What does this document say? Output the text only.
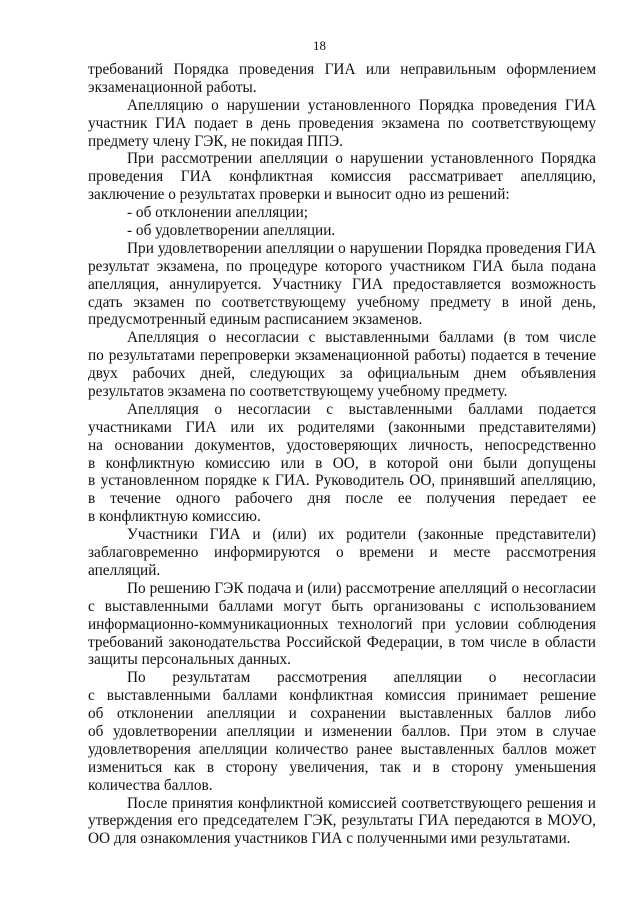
18
требований Порядка проведения ГИА или неправильным оформлением
экзаменационной работы.
Апелляцию о нарушении установленного Порядка проведения ГИА
участник ГИА подает в день проведения экзамена по соответствующему
предмету члену ГЭК, не покидая ППЭ.
При рассмотрении апелляции о нарушении установленного Порядка
проведения ГИА конфликтная комиссия рассматривает апелляцию,
заключение о результатах проверки и выносит одно из решений:
- об отклонении апелляции;
- об удовлетворении апелляции.
При удовлетворении апелляции о нарушении Порядка проведения ГИА
результат экзамена, по процедуре которого участником ГИА была подана
апелляция, аннулируется. Участнику ГИА предоставляется возможность
сдать экзамен по соответствующему учебному предмету в иной день,
предусмотренный единым расписанием экзаменов.
Апелляция о несогласии с выставленными баллами (в том числе
по результатами перепроверки экзаменационной работы) подается в течение
двух рабочих дней, следующих за официальным днем объявления
результатов экзамена по соответствующему учебному предмету.
Апелляция о несогласии с выставленными баллами подается
участниками ГИА или их родителями (законными представителями)
на основании документов, удостоверяющих личность, непосредственно
в конфликтную комиссию или в ОО, в которой они были допущены
в установленном порядке к ГИА. Руководитель ОО, принявший апелляцию,
в течение одного рабочего дня после ее получения передает ее
в конфликтную комиссию.
Участники ГИА и (или) их родители (законные представители)
заблаговременно информируются о времени и месте рассмотрения
апелляций.
По решению ГЭК подача и (или) рассмотрение апелляций о несогласии
с выставленными баллами могут быть организованы с использованием
информационно-коммуникационных технологий при условии соблюдения
требований законодательства Российской Федерации, в том числе в области
защиты персональных данных.
По результатам рассмотрения апелляции о несогласии
с выставленными баллами конфликтная комиссия принимает решение
об отклонении апелляции и сохранении выставленных баллов либо
об удовлетворении апелляции и изменении баллов. При этом в случае
удовлетворения апелляции количество ранее выставленных баллов может
измениться как в сторону увеличения, так и в сторону уменьшения
количества баллов.
После принятия конфликтной комиссией соответствующего решения и
утверждения его председателем ГЭК, результаты ГИА передаются в МОУО,
ОО для ознакомления участников ГИА с полученными ими результатами.
